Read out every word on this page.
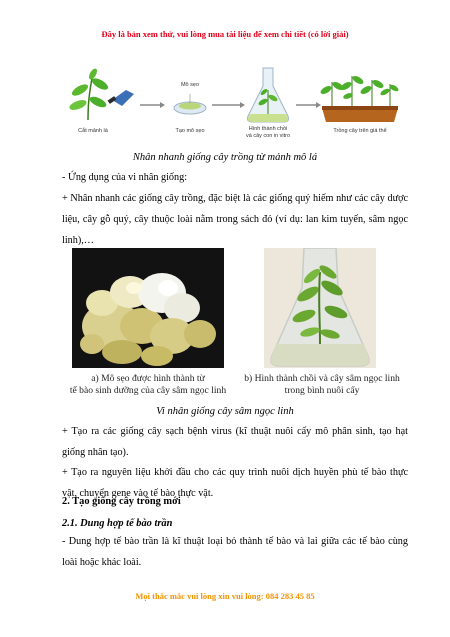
Đây là bản xem thử, vui lòng mua tài liệu để xem chi tiết (có lời giải)
Cắt mảnh lá
Mô sẹo
Tạo mô sẹo	Hình thành chồi
và cây con in vitro
Trồng cây trên giá thể
Nhân nhanh giống cây trồng từ mảnh mô lá
- Ứng dụng của vi nhân giống:
+ Nhân nhanh các giống cây trồng, đặc biệt là các giống quý hiếm như các cây dược liệu, cây gỗ quý, cây thuộc loài nằm trong sách đỏ (ví dụ: lan kim tuyến, sâm ngọc linh),…
a) Mô sẹo được hình thành từ
tế bào sinh dưỡng của cây sâm ngọc linh
b) Hình thành chồi và cây sâm ngọc linh
trong bình nuôi cấy
Vi nhân giống cây sâm ngọc linh
+ Tạo ra các giống cây sạch bệnh virus (kĩ thuật nuôi cấy mô phân sinh, tạo hạt giống nhân tạo).
+ Tạo ra nguyên liệu khởi đầu cho các quy trình nuôi dịch huyền phù tế bào thực vật, chuyển gene vào tế bào thực vật.
2. Tạo giống cây trồng mới
2.1. Dung hợp tế bào trần
- Dung hợp tế bào trần là kĩ thuật loại bỏ thành tế bào và lai giữa các tế bào cùng loài hoặc khác loài.
Mọi thắc mắc vui lòng xin vui lòng: 084 283 45 85
